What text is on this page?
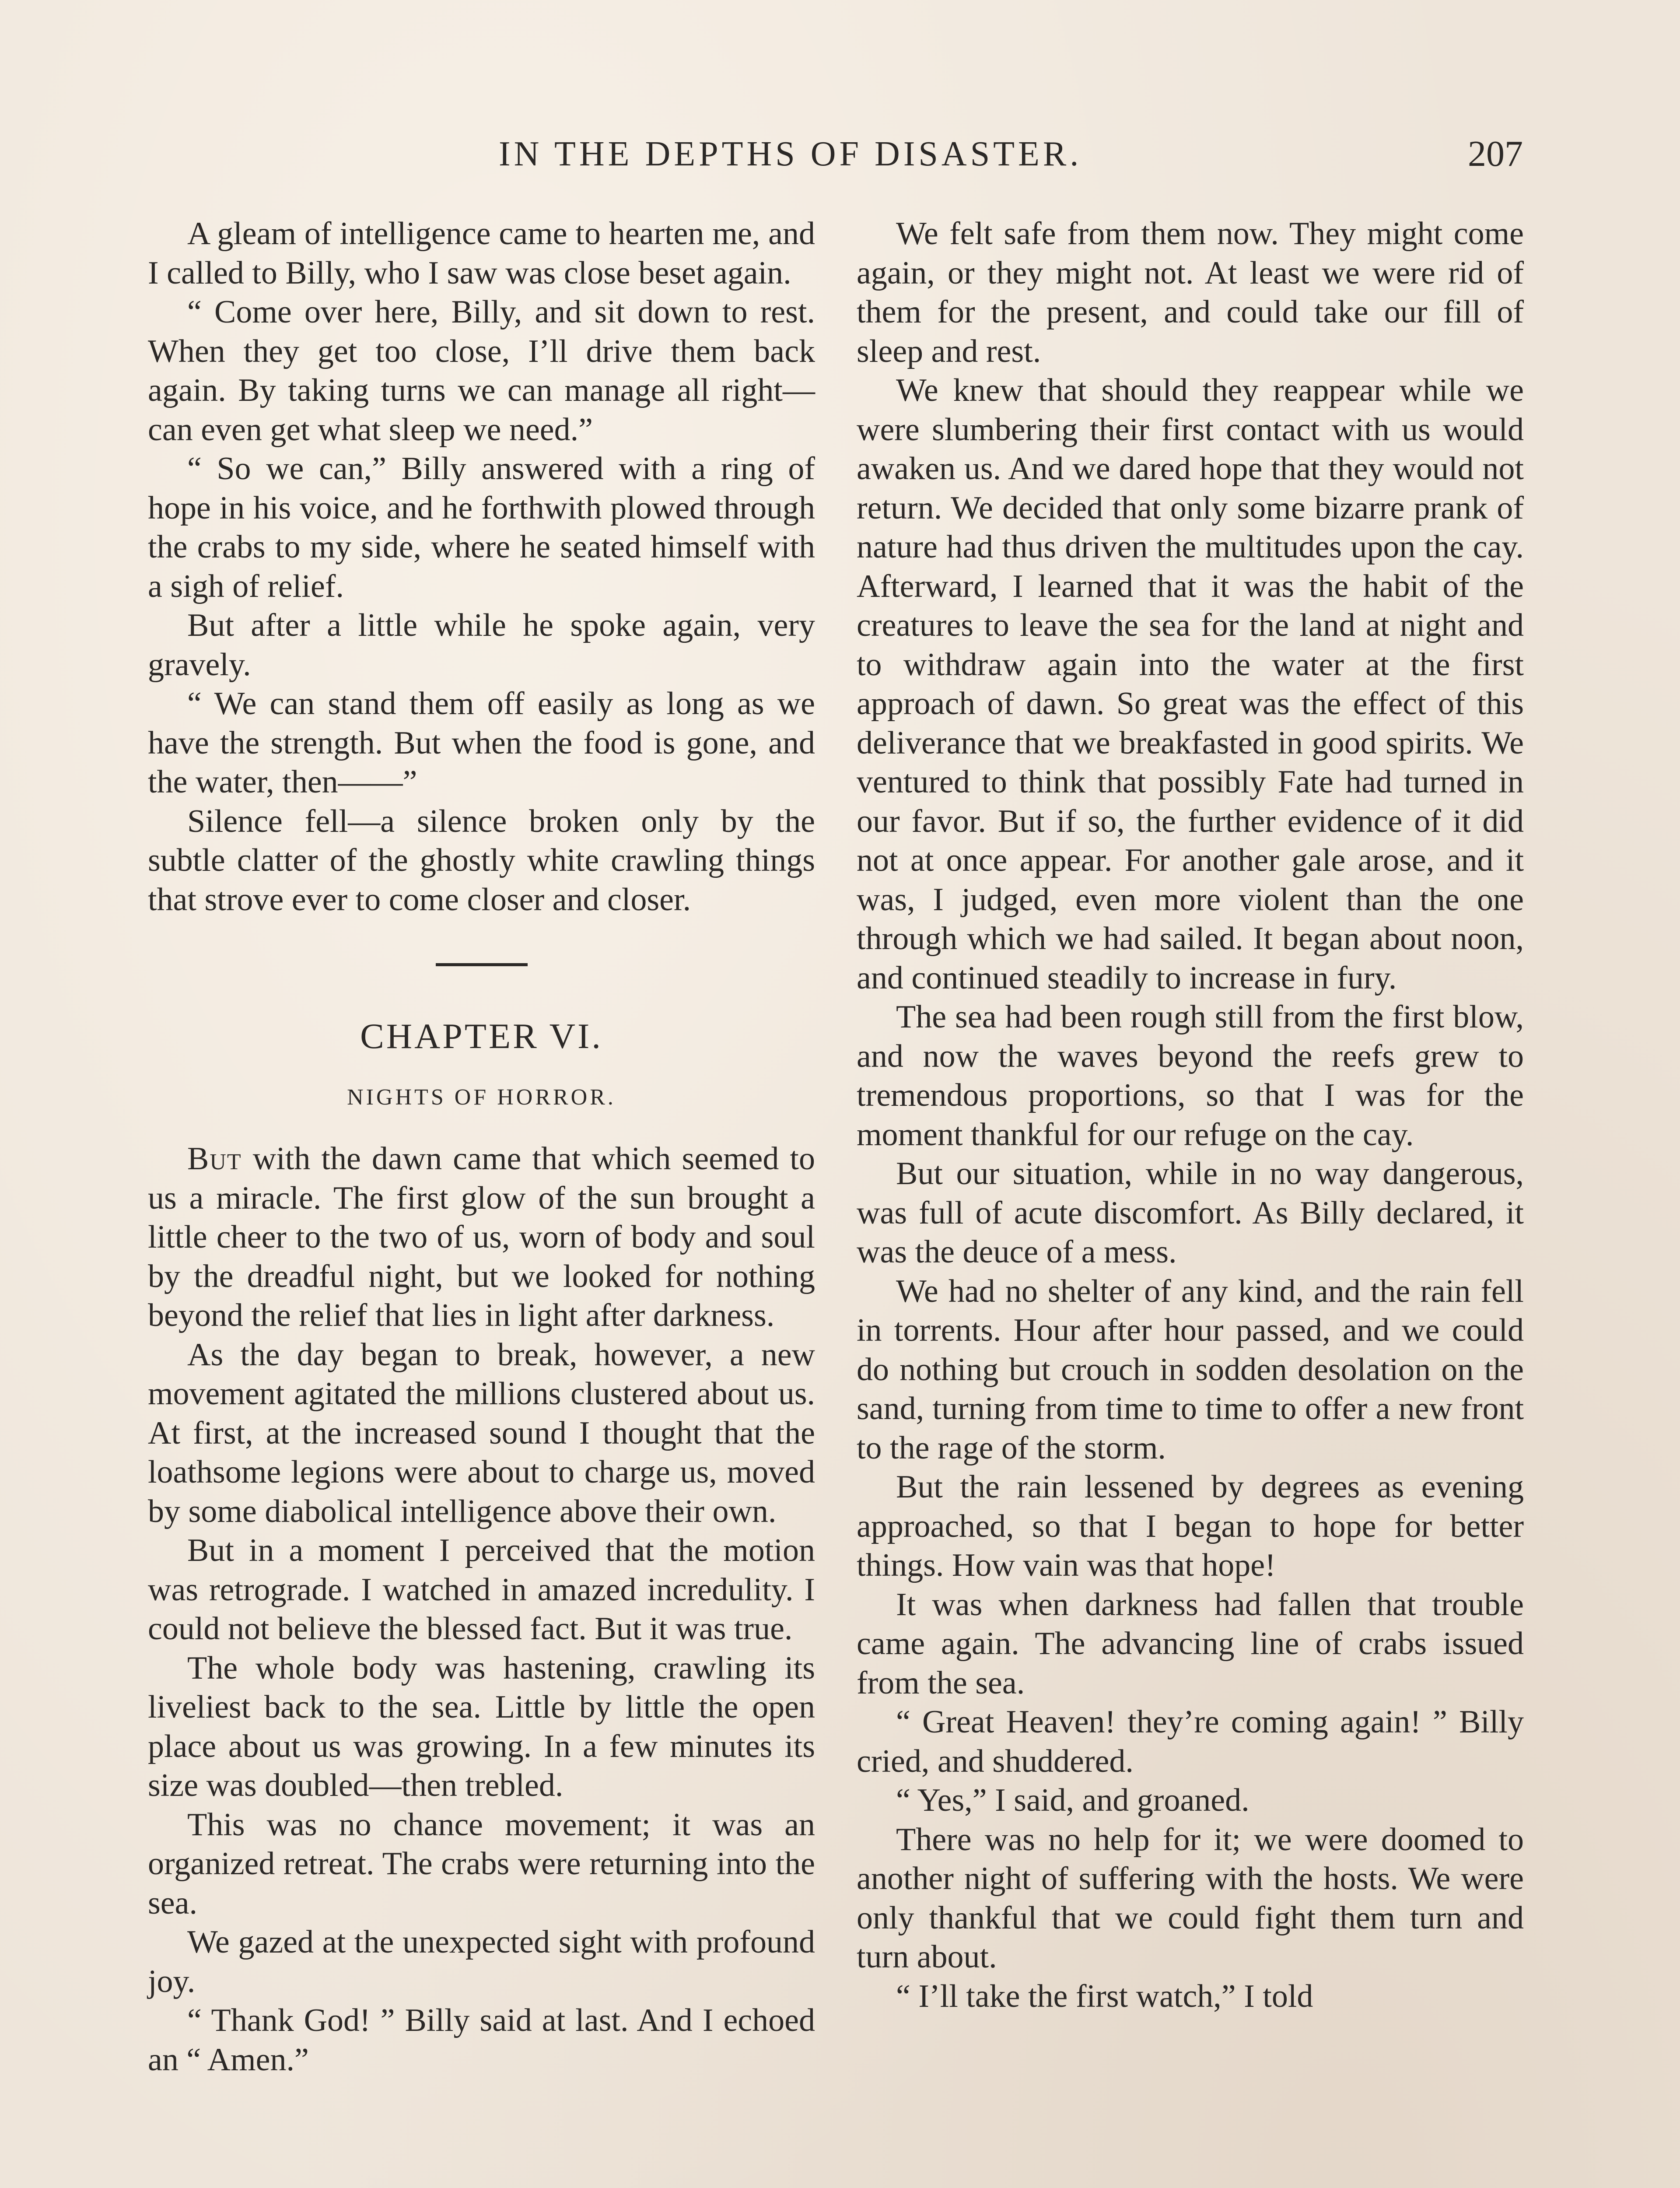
IN THE DEPTHS OF DISASTER.	207

A gleam of intelligence came to hearten me, and I called to Billy, who I saw was close beset again.

“ Come over here, Billy, and sit down to rest. When they get too close, I’ll drive them back again. By taking turns we can manage all right—can even get what sleep we need.”

“ So we can,” Billy answered with a ring of hope in his voice, and he forthwith plowed through the crabs to my side, where he seated himself with a sigh of relief.

But after a little while he spoke again, very gravely.

“ We can stand them off easily as long as we have the strength. But when the food is gone, and the water, then——”

Silence fell—a silence broken only by the subtle clatter of the ghostly white crawling things that strove ever to come closer and closer.

CHAPTER VI.
NIGHTS OF HORROR.

But with the dawn came that which seemed to us a miracle. The first glow of the sun brought a little cheer to the two of us, worn of body and soul by the dreadful night, but we looked for nothing beyond the relief that lies in light after darkness.

As the day began to break, however, a new movement agitated the millions clustered about us. At first, at the increased sound I thought that the loathsome legions were about to charge us, moved by some diabolical intelligence above their own.

But in a moment I perceived that the motion was retrograde. I watched in amazed incredulity. I could not believe the blessed fact. But it was true.

The whole body was hastening, crawling its liveliest back to the sea. Little by little the open place about us was growing. In a few minutes its size was doubled—then trebled.

This was no chance movement; it was an organized retreat. The crabs were returning into the sea.

We gazed at the unexpected sight with profound joy.

“ Thank God! ” Billy said at last. And I echoed an “ Amen.”

We felt safe from them now. They might come again, or they might not. At least we were rid of them for the present, and could take our fill of sleep and rest.

We knew that should they reappear while we were slumbering their first contact with us would awaken us. And we dared hope that they would not return. We decided that only some bizarre prank of nature had thus driven the multitudes upon the cay. Afterward, I learned that it was the habit of the creatures to leave the sea for the land at night and to withdraw again into the water at the first approach of dawn. So great was the effect of this deliverance that we breakfasted in good spirits. We ventured to think that possibly Fate had turned in our favor. But if so, the further evidence of it did not at once appear. For another gale arose, and it was, I judged, even more violent than the one through which we had sailed. It began about noon, and continued steadily to increase in fury.

The sea had been rough still from the first blow, and now the waves beyond the reefs grew to tremendous proportions, so that I was for the moment thankful for our refuge on the cay.

But our situation, while in no way dangerous, was full of acute discomfort. As Billy declared, it was the deuce of a mess.

We had no shelter of any kind, and the rain fell in torrents. Hour after hour passed, and we could do nothing but crouch in sodden desolation on the sand, turning from time to time to offer a new front to the rage of the storm.

But the rain lessened by degrees as evening approached, so that I began to hope for better things. How vain was that hope!

It was when darkness had fallen that trouble came again. The advancing line of crabs issued from the sea.

“ Great Heaven! they’re coming again! ” Billy cried, and shuddered.

“ Yes,” I said, and groaned.

There was no help for it; we were doomed to another night of suffering with the hosts. We were only thankful that we could fight them turn and turn about.

“ I’ll take the first watch,” I told
